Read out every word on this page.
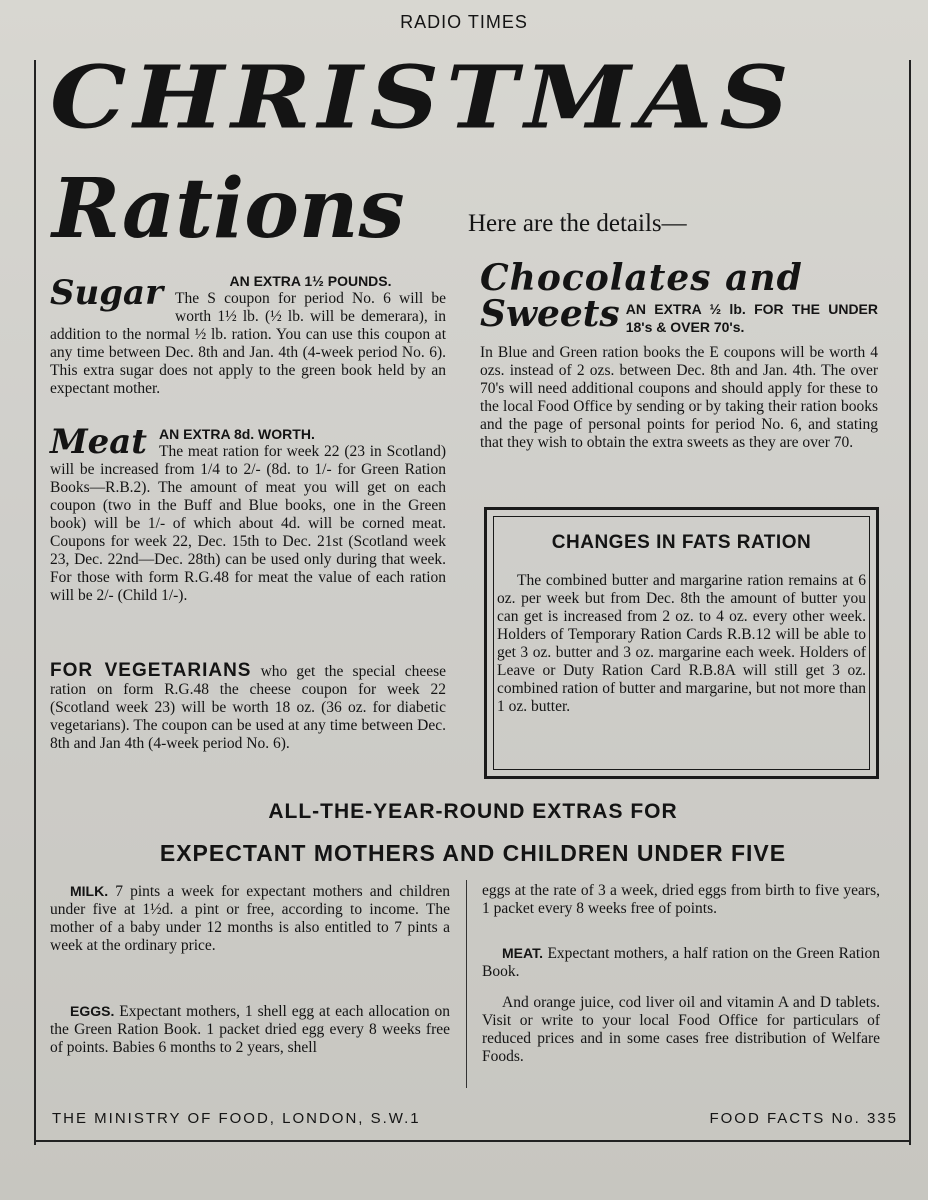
RADIO TIMES
CHRISTMAS
Rations	Here are the details—
Sugar	AN EXTRA 1½ POUNDS.
The S coupon for period No. 6 will be worth 1½ lb. (½ lb. will be demerara), in addition to the normal ½ lb. ration. You can use this coupon at any time between Dec. 8th and Jan. 4th (4-week period No. 6). This extra sugar does not apply to the green book held by an expectant mother.
Meat AN EXTRA 8d. WORTH.
The meat ration for week 22 (23 in Scotland) will be increased from 1/4 to 2/- (8d. to 1/- for Green Ration Books—R.B.2). The amount of meat you will get on each coupon (two in the Buff and Blue books, one in the Green book) will be 1/- of which about 4d. will be corned meat. Coupons for week 22, Dec. 15th to Dec. 21st (Scotland week 23, Dec. 22nd—Dec. 28th) can be used only during that week. For those with form R.G.48 for meat the value of each ration will be 2/- (Child 1/-).
FOR VEGETARIANS who get the special cheese ration on form R.G.48 the cheese coupon for week 22 (Scotland week 23) will be worth 18 oz. (36 oz. for diabetic vegetarians). The coupon can be used at any time between Dec. 8th and Jan 4th (4-week period No. 6).
Chocolates and
Sweets AN EXTRA ½ lb. FOR THE UNDER 18's & OVER 70's.
In Blue and Green ration books the E coupons will be worth 4 ozs. instead of 2 ozs. between Dec. 8th and Jan. 4th. The over 70's will need additional coupons and should apply for these to the local Food Office by sending or by taking their ration books and the page of personal points for period No. 6, and stating that they wish to obtain the extra sweets as they are over 70.
CHANGES IN FATS RATION
The combined butter and margarine ration remains at 6 oz. per week but from Dec. 8th the amount of butter you can get is increased from 2 oz. to 4 oz. every other week. Holders of Temporary Ration Cards R.B.12 will be able to get 3 oz. butter and 3 oz. margarine each week. Holders of Leave or Duty Ration Card R.B.8A will still get 3 oz. combined ration of butter and margarine, but not more than 1 oz. butter.
ALL-THE-YEAR-ROUND EXTRAS FOR
EXPECTANT MOTHERS AND CHILDREN UNDER FIVE
MILK. 7 pints a week for expectant mothers and children under five at 1½d. a pint or free, according to income. The mother of a baby under 12 months is also entitled to 7 pints a week at the ordinary price.
EGGS. Expectant mothers, 1 shell egg at each allocation on the Green Ration Book. 1 packet dried egg every 8 weeks free of points. Babies 6 months to 2 years, shell
eggs at the rate of 3 a week, dried eggs from birth to five years, 1 packet every 8 weeks free of points.
MEAT. Expectant mothers, a half ration on the Green Ration Book.
And orange juice, cod liver oil and vitamin A and D tablets. Visit or write to your local Food Office for particulars of reduced prices and in some cases free distribution of Welfare Foods.
THE MINISTRY OF FOOD, LONDON, S.W.1	FOOD FACTS No. 335
